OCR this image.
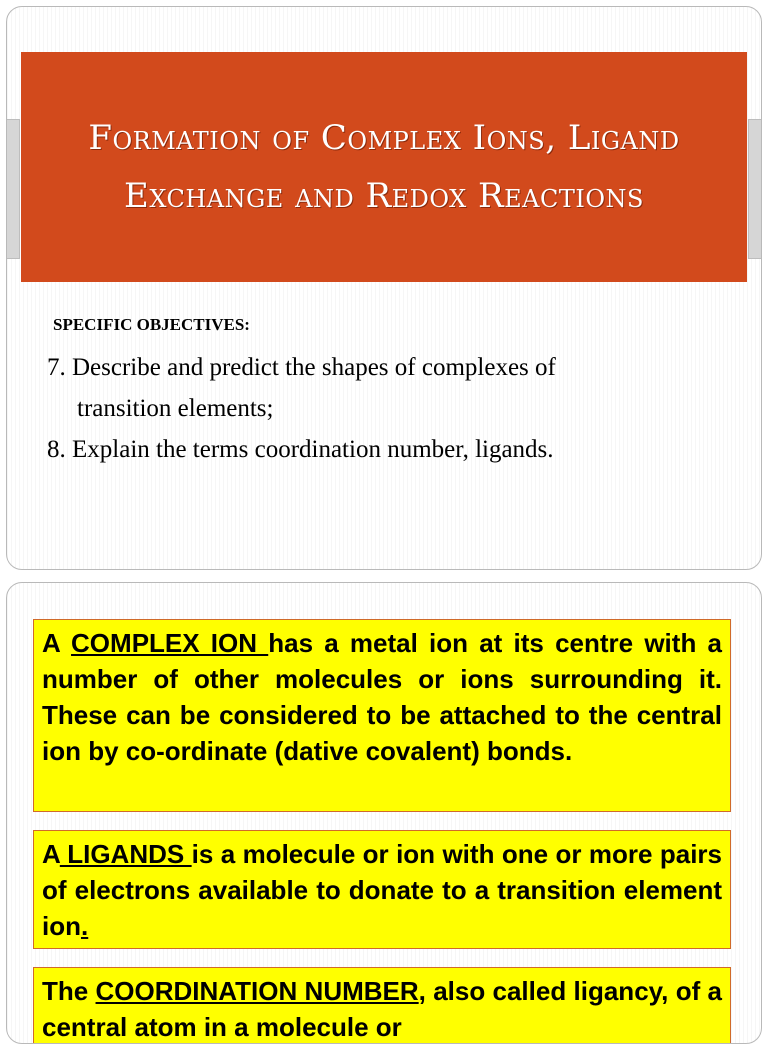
Formation of Complex Ions, Ligand Exchange and Redox Reactions
SPECIFIC OBJECTIVES:
7. Describe and predict the shapes of complexes of
transition elements;
8. Explain the terms coordination number, ligands.
A COMPLEX ION has a metal ion at its centre with a number of other molecules or ions surrounding it. These can be considered to be attached to the central ion by co-ordinate (dative covalent) bonds.
A LIGANDS is a molecule or ion with one or more pairs of electrons available to donate to a transition element ion.
The COORDINATION NUMBER, also called ligancy, of a central atom in a molecule or
